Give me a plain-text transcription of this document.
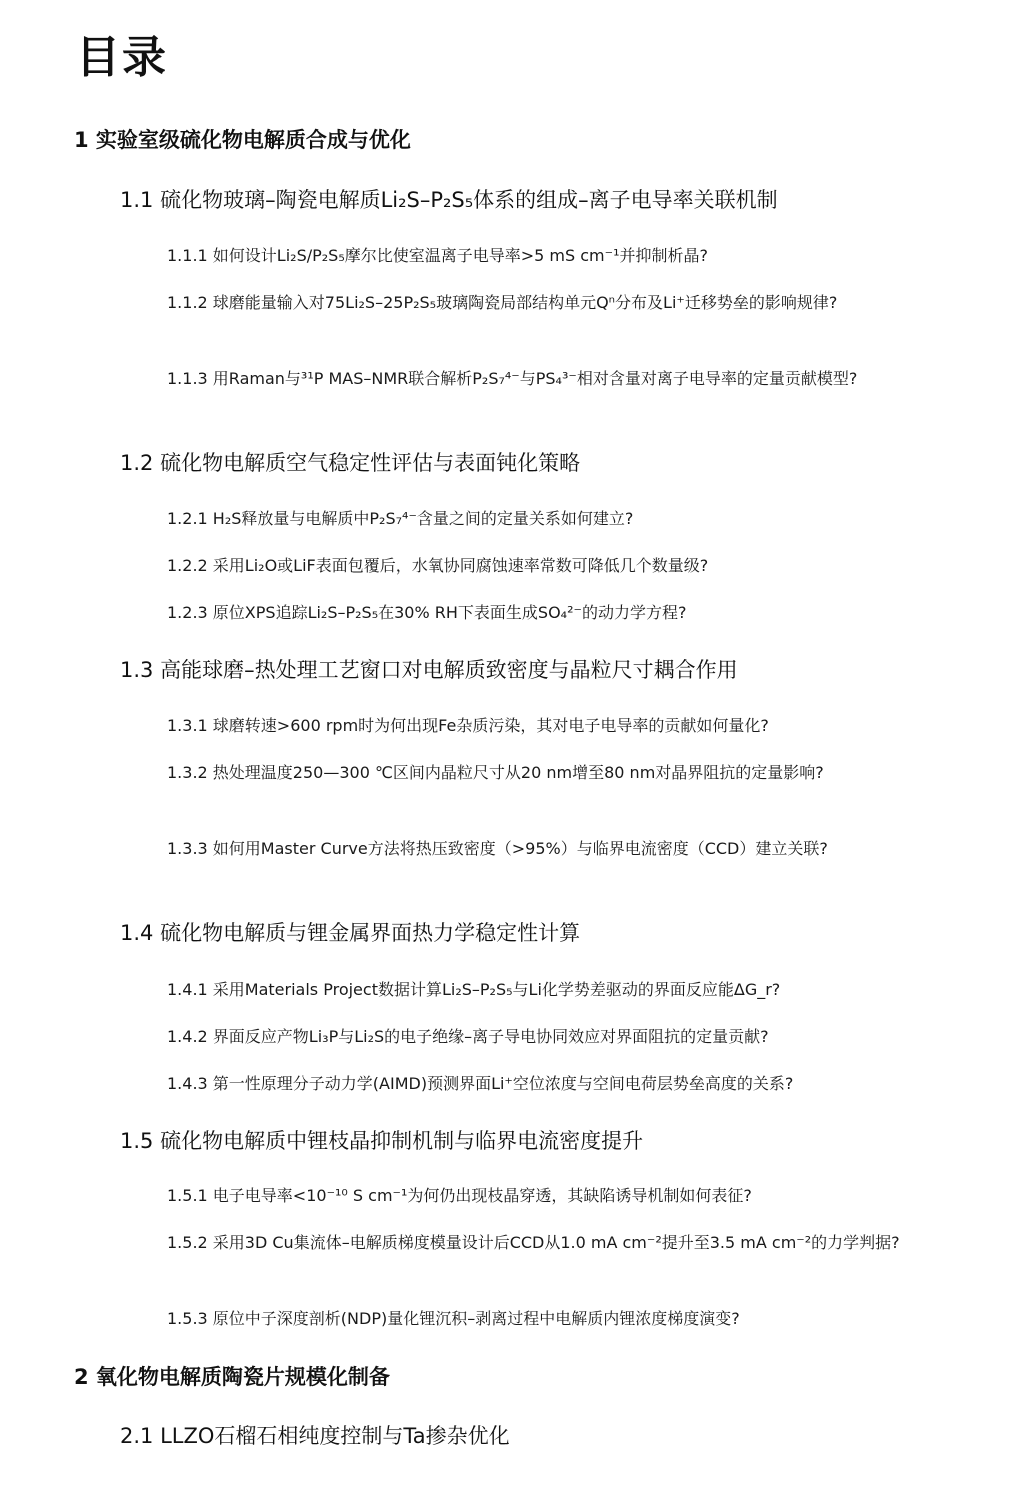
目录
1 实验室级硫化物电解质合成与优化
1.1 硫化物玻璃–陶瓷电解质Li₂S–P₂S₅体系的组成–离子电导率关联机制
1.1.1 如何设计Li₂S/P₂S₅摩尔比使室温离子电导率>5 mS cm⁻¹并抑制析晶?
1.1.2 球磨能量输入对75Li₂S–25P₂S₅玻璃陶瓷局部结构单元Qⁿ分布及Li⁺迁移势垒的影响规律?
1.1.3 用Raman与³¹P MAS–NMR联合解析P₂S₇⁴⁻与PS₄³⁻相对含量对离子电导率的定量贡献模型?
1.2 硫化物电解质空气稳定性评估与表面钝化策略
1.2.1 H₂S释放量与电解质中P₂S₇⁴⁻含量之间的定量关系如何建立?
1.2.2 采用Li₂O或LiF表面包覆后，水氧协同腐蚀速率常数可降低几个数量级?
1.2.3 原位XPS追踪Li₂S–P₂S₅在30% RH下表面生成SO₄²⁻的动力学方程?
1.3 高能球磨–热处理工艺窗口对电解质致密度与晶粒尺寸耦合作用
1.3.1 球磨转速>600 rpm时为何出现Fe杂质污染，其对电子电导率的贡献如何量化?
1.3.2 热处理温度250—300 ℃区间内晶粒尺寸从20 nm增至80 nm对晶界阻抗的定量影响?
1.3.3 如何用Master Curve方法将热压致密度（>95%）与临界电流密度（CCD）建立关联?
1.4 硫化物电解质与锂金属界面热力学稳定性计算
1.4.1 采用Materials Project数据计算Li₂S–P₂S₅与Li化学势差驱动的界面反应能ΔG_r?
1.4.2 界面反应产物Li₃P与Li₂S的电子绝缘–离子导电协同效应对界面阻抗的定量贡献?
1.4.3 第一性原理分子动力学(AIMD)预测界面Li⁺空位浓度与空间电荷层势垒高度的关系?
1.5 硫化物电解质中锂枝晶抑制机制与临界电流密度提升
1.5.1 电子电导率<10⁻¹⁰ S cm⁻¹为何仍出现枝晶穿透，其缺陷诱导机制如何表征?
1.5.2 采用3D Cu集流体–电解质梯度模量设计后CCD从1.0 mA cm⁻²提升至3.5 mA cm⁻²的力学判据?
1.5.3 原位中子深度剖析(NDP)量化锂沉积–剥离过程中电解质内锂浓度梯度演变?
2 氧化物电解质陶瓷片规模化制备
2.1 LLZO石榴石相纯度控制与Ta掺杂优化
